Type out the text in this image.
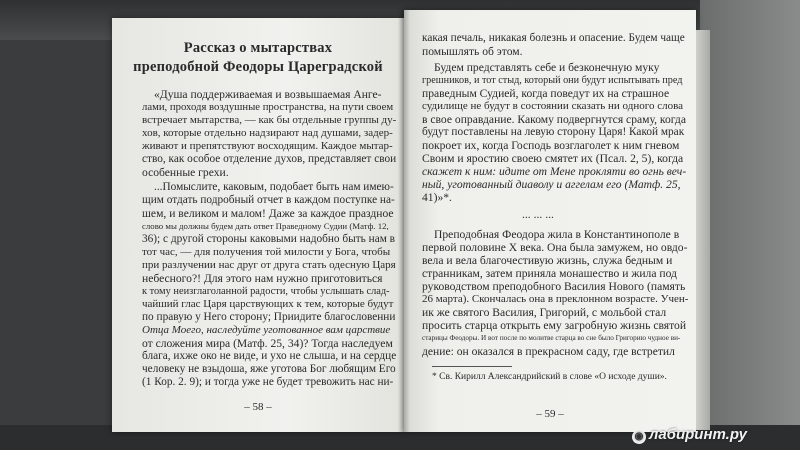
Рассказ о мытарствах
преподобной Феодоры Цареградской
«Душа поддерживаемая и возвышаемая Анге-
лами, проходя воздушные пространства, на пути своем
встречает мытарства, — как бы отдельные группы ду-
хов, которые отдельно надзирают над душами, задер-
живают и препятствуют восходящим. Каждое мытар-
ство, как особое отделение духов, представляет свои
особенные грехи.
...Помыслите, каковым, подобает быть нам имею-
щим отдать подробный отчет в каждом поступке на-
шем, и великом и малом! Даже за каждое праздное
слово мы должны будем дать ответ Праведному Судии (Матф. 12,
36); с другой стороны каковыми надобно быть нам в
тот час, — для получения той милости у Бога, чтобы
при разлучении нас друг от друга стать одесную Царя
небесного?! Для этого нам нужно приготовиться
к тому неизглаголанной радости, чтобы услышать слад-
чайший глас Царя царствующих к тем, которые будут
по правую у Него сторону; Приидите благословенни
Отца Моего, наследуйте уготованное вам царствие
от сложения мира (Матф. 25, 34)? Тогда наследуем
блага, ихже око не виде, и ухо не слыша, и на сердце
человеку не взыдоша, яже уготова Бог любящим Его
(1 Кор. 2. 9); и тогда уже не будет тревожить нас ни-
– 58 –
какая печаль, никакая болезнь и опасение. Будем чаще
помышлять об этом.
Будем представлять себе и безконечную муку
грешников, и тот стыд, который они будут испытывать пред
праведным Судией, когда поведут их на страшное
судилище не будут в состоянии сказать ни одного слова
в свое оправдание. Какому подвергнутся сраму, когда
будут поставлены на левую сторону Царя! Какой мрак
покроет их, когда Господь возглаголет к ним гневом
Своим и яростию своею смятет их (Псал. 2, 5), когда
скажет к ним: идите от Мене прокляти во огнь веч-
ный, уготованный диаволу и аггелам его (Матф. 25,
41)»*.
... ... ...
Преподобная Феодора жила в Константинополе в
первой половине X века. Она была замужем, но овдо-
вела и вела благочестивую жизнь, служа бедным и
странникам, затем приняла монашество и жила под
руководством преподобного Василия Нового (память
26 марта). Скончалась она в преклонном возрасте. Учен-
ик же святого Василия, Григорий, с мольбой стал
просить старца открыть ему загробную жизнь святой
старицы Феодоры. И вот после по молитве старца во сне было Григорию чудное ви-
дение: он оказался в прекрасном саду, где встретил
* Св. Кирилл Александрийский в слове «О исходе души».
– 59 –
◉ лабиринт.ру
